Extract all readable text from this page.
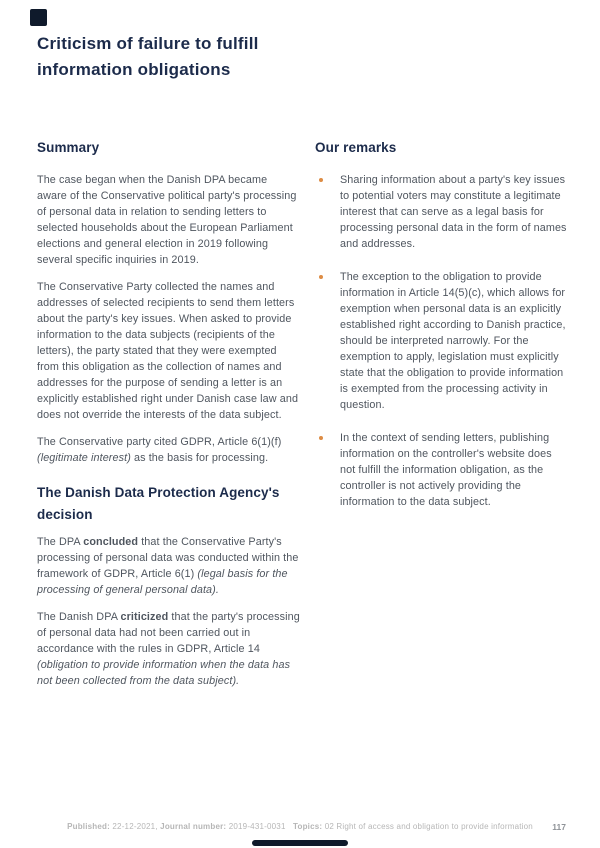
Criticism of failure to fulfill
information obligations
Summary

The case began when the Danish DPA became aware of the Conservative political party's processing of personal data in relation to sending letters to selected households about the European Parliament elections and general election in 2019 following several specific inquiries in 2019.

The Conservative Party collected the names and addresses of selected recipients to send them letters about the party's key issues. When asked to provide information to the data subjects (recipients of the letters), the party stated that they were exempted from this obligation as the collection of names and addresses for the purpose of sending a letter is an explicitly established right under Danish case law and does not override the interests of the data subject.

The Conservative party cited GDPR, Article 6(1)(f) (legitimate interest) as the basis for processing.

The Danish Data Protection Agency's decision

The DPA concluded that the Conservative Party's processing of personal data was conducted within the framework of GDPR, Article 6(1) (legal basis for the processing of general personal data).

The Danish DPA criticized that the party's processing of personal data had not been carried out in accordance with the rules in GDPR, Article 14 (obligation to provide information when the data has not been collected from the data subject).

Our remarks
Sharing information about a party's key issues to potential voters may constitute a legitimate interest that can serve as a legal basis for processing personal data in the form of names and addresses.
The exception to the obligation to provide information in Article 14(5)(c), which allows for exemption when personal data is an explicitly established right according to Danish practice, should be interpreted narrowly. For the exemption to apply, legislation must explicitly state that the obligation to provide information is exempted from the processing activity in question.
In the context of sending letters, publishing information on the controller's website does not fulfill the information obligation, as the controller is not actively providing the information to the data subject.
Published: 22-12-2021, Journal number: 2019-431-0031 Topics: 02 Right of access and obligation to provide information	117
